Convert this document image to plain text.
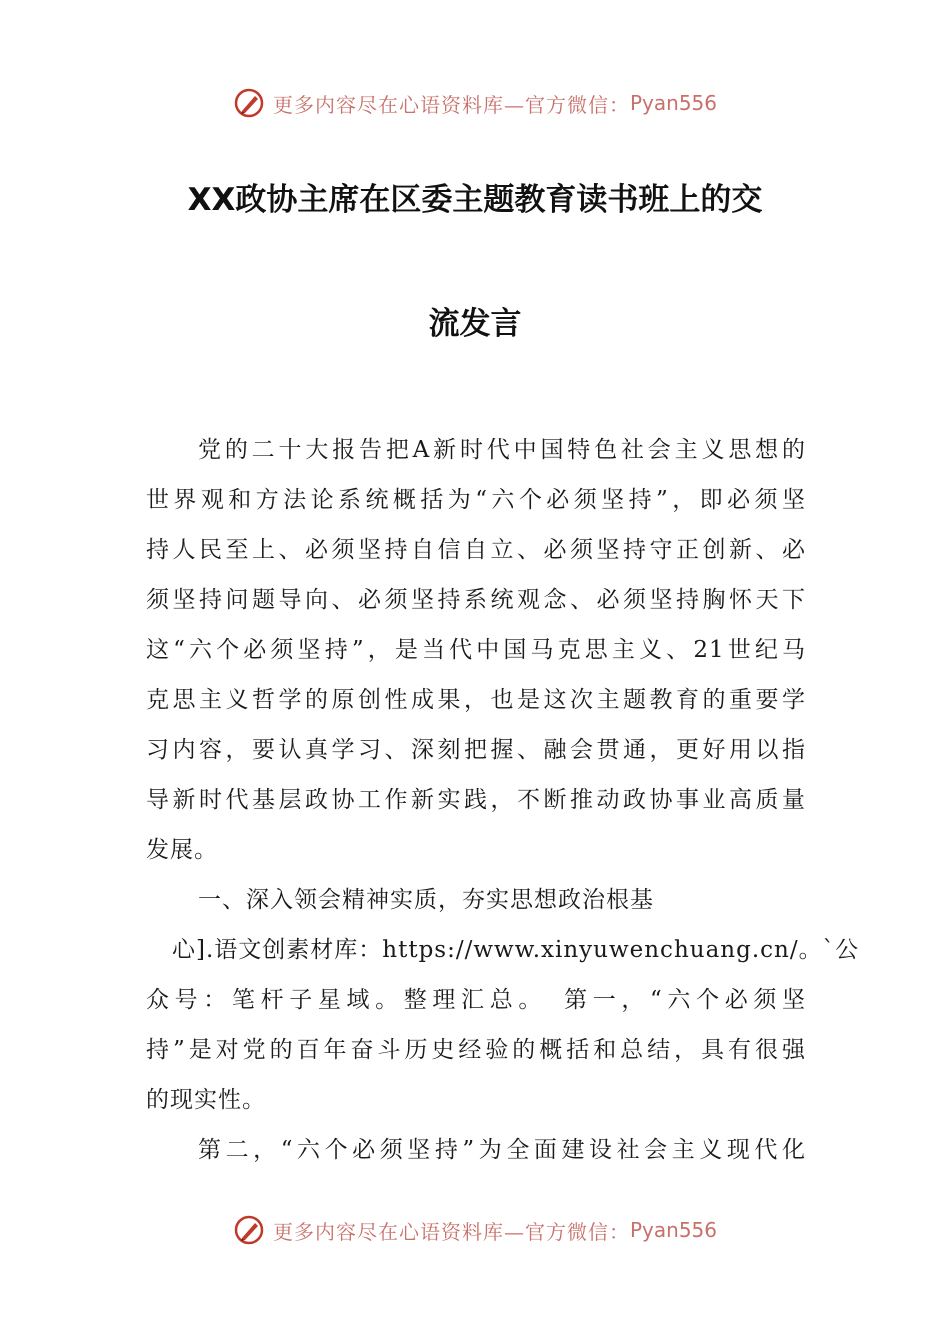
更多内容尽在心语资料库—官方微信： Pyan556
XX政协主席在区委主题教育读书班上的交
流发言
党的二十大报告把A新时代中国特色社会主义思想的
世界观和方法论系统概括为“六个必须坚持”，即必须坚
持人民至上、必须坚持自信自立、必须坚持守正创新、必
须坚持问题导向、必须坚持系统观念、必须坚持胸怀天下
这“六个必须坚持”，是当代中国马克思主义、21世纪马
克思主义哲学的原创性成果，也是这次主题教育的重要学
习内容，要认真学习、深刻把握、融会贯通，更好用以指
导新时代基层政协工作新实践，不断推动政协事业高质量
发展。
一、深入领会精神实质，夯实思想政治根基
心].语文创素材库：https://www.xinyuwenchuang.cn/。`公
众号：笔杆子星域。整理汇总。　第一，“六个必须坚
持”是对党的百年奋斗历史经验的概括和总结，具有很强
的现实性。
第二，“六个必须坚持”为全面建设社会主义现代化
更多内容尽在心语资料库—官方微信： Pyan556
